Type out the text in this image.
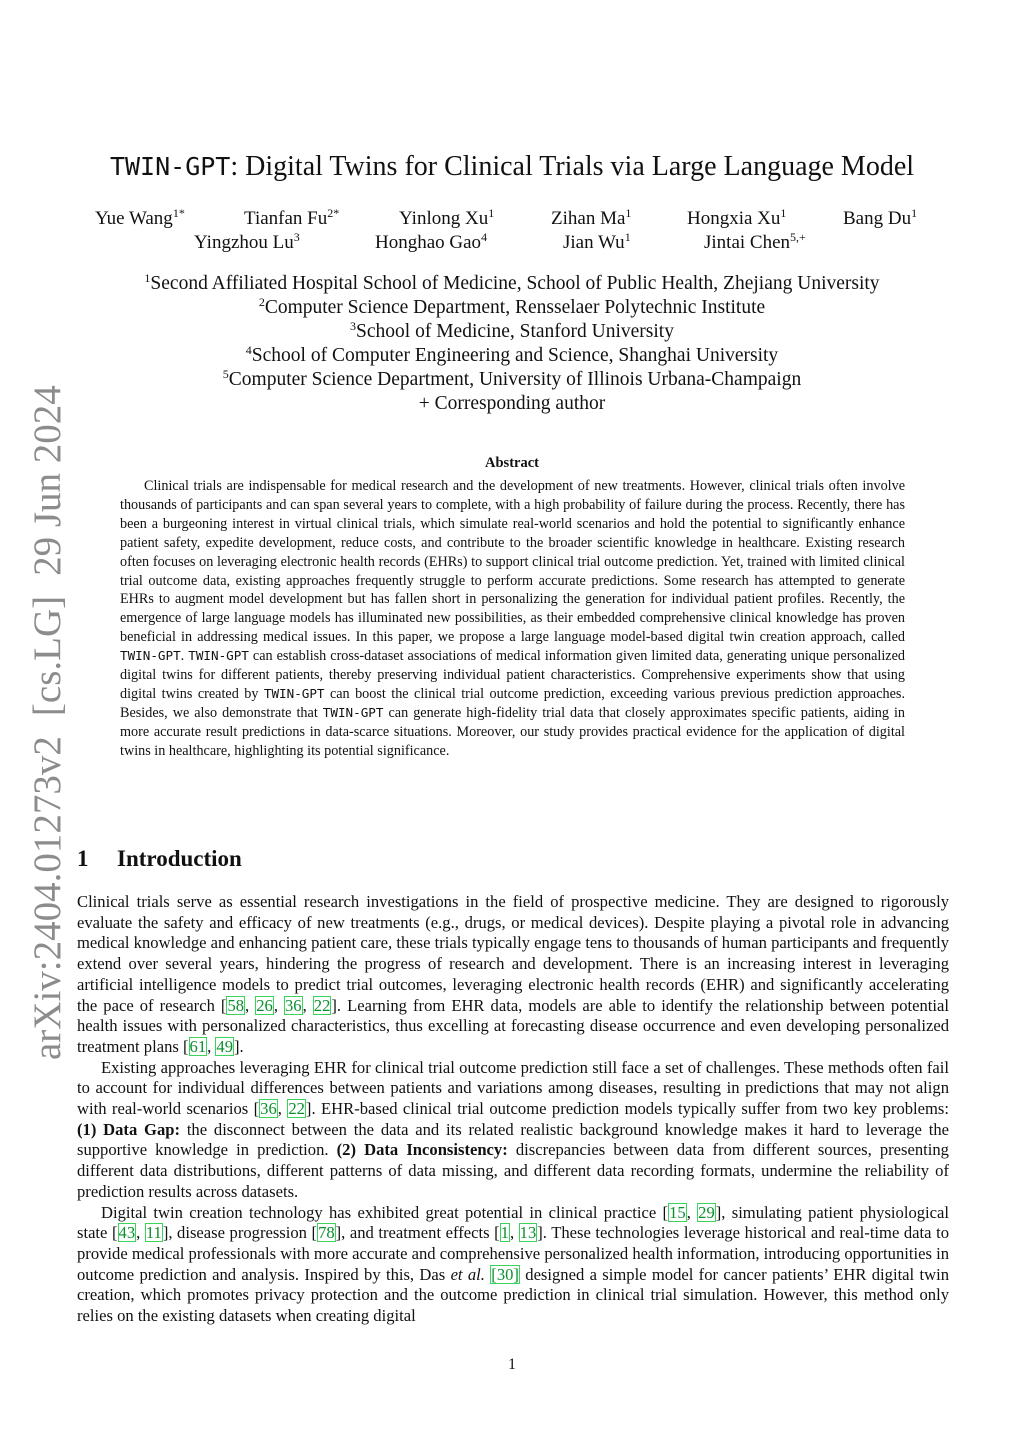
arXiv:2404.01273v2[cs.LG]29 Jun 2024
TWIN-GPT: Digital Twins for Clinical Trials via Large Language Model
Yue Wang$^{1*}$	Tianfan $Fu^{2*}$	Yinlong Xu$^1$	Zihan Ma$^1$	Hongxia Xu$^1$	Bang Du$^1$
Yingzhou Lu$^3$	Honghao Gao$^4$	Jian Wu$^1$	Jintai Chen$^{5,+}$
$^1$Second Affiliated Hospital School of Medicine, School of Public Health, Zhejiang University
$^2$Computer Science Department, Rensselaer Polytechnic Institute
$^3$School of Medicine, Stanford University
$^4$School of Computer Engineering and Science, Shanghai University
$^5$Computer Science Department, University of Illinois Urbana-Champaign
+ Corresponding author
Abstract

Clinical trials are indispensable for medical research and the development of new treatments. However, clinical trials often involve thousands of participants and can span several years to complete, with a high probability of failure during the process. Recently, there has been a burgeoning interest in virtual clinical trials, which simulate real-world scenarios and hold the potential to significantly enhance patient safety, expedite development, reduce costs, and contribute to the broader scientific knowledge in healthcare. Existing research often focuses on leveraging electronic health records (EHRs) to support clinical trial outcome prediction. Yet, trained with limited clinical trial outcome data, existing approaches frequently struggle to perform accurate predictions. Some research has attempted to generate EHRs to augment model development but has fallen short in personalizing the generation for individual patient profiles. Recently, the emergence of large language models has illuminated new possibilities, as their embedded comprehensive clinical knowledge has proven beneficial in addressing medical issues. In this paper, we propose a large language model-based digital twin creation approach, called TWIN-GPT. TWIN-GPT can establish cross-dataset associations of medical information given limited data, generating unique personalized digital twins for different patients, thereby preserving individual patient characteristics. Comprehensive experiments show that using digital twins created by TWIN-GPT can boost the clinical trial outcome prediction, exceeding various previous prediction approaches. Besides, we also demonstrate that TWIN-GPT can generate high-fidelity trial data that closely approximates specific patients, aiding in more accurate result predictions in data-scarce situations. Moreover, our study provides practical evidence for the application of digital twins in healthcare, highlighting its potential significance.

1 Introduction

Clinical trials serve as essential research investigations in the field of prospective medicine. They are designed to rigorously evaluate the safety and efficacy of new treatments (e.g., drugs, or medical devices). Despite playing a pivotal role in advancing medical knowledge and enhancing patient care, these trials typically engage tens to thousands of human participants and frequently extend over several years, hindering the progress of research and development. There is an increasing interest in leveraging artificial intelligence models to predict trial outcomes, leveraging electronic health records (EHR) and significantly accelerating the pace of research [58, 26, 36, 22]. Learning from EHR data, models are able to identify the relationship between potential health issues with personalized characteristics, thus excelling at forecasting disease occurrence and even developing personalized treatment plans [61, 49].

Existing approaches leveraging EHR for clinical trial outcome prediction still face a set of challenges. These methods often fail to account for individual differences between patients and variations among diseases, resulting in predictions that may not align with real-world scenarios [36, 22]. EHR-based clinical trial outcome prediction models typically suffer from two key problems: (1) Data Gap: the disconnect between the data and its related realistic background knowledge makes it hard to leverage the supportive knowledge in prediction. (2) Data Inconsistency: discrepancies between data from different sources, presenting different data distributions, different patterns of data missing, and different data recording formats, undermine the reliability of prediction results across datasets.

Digital twin creation technology has exhibited great potential in clinical practice [15, 29], simulating patient physiological state [43, 11], disease progression [78], and treatment effects [1, 13]. These technologies leverage historical and real-time data to provide medical professionals with more accurate and comprehensive personalized health information, introducing opportunities in outcome prediction and analysis. Inspired by this, Das et al. [30] designed a simple model for cancer patients’ EHR digital twin creation, which promotes privacy protection and the outcome prediction in clinical trial simulation. However, this method only relies on the existing datasets when creating digital

1
